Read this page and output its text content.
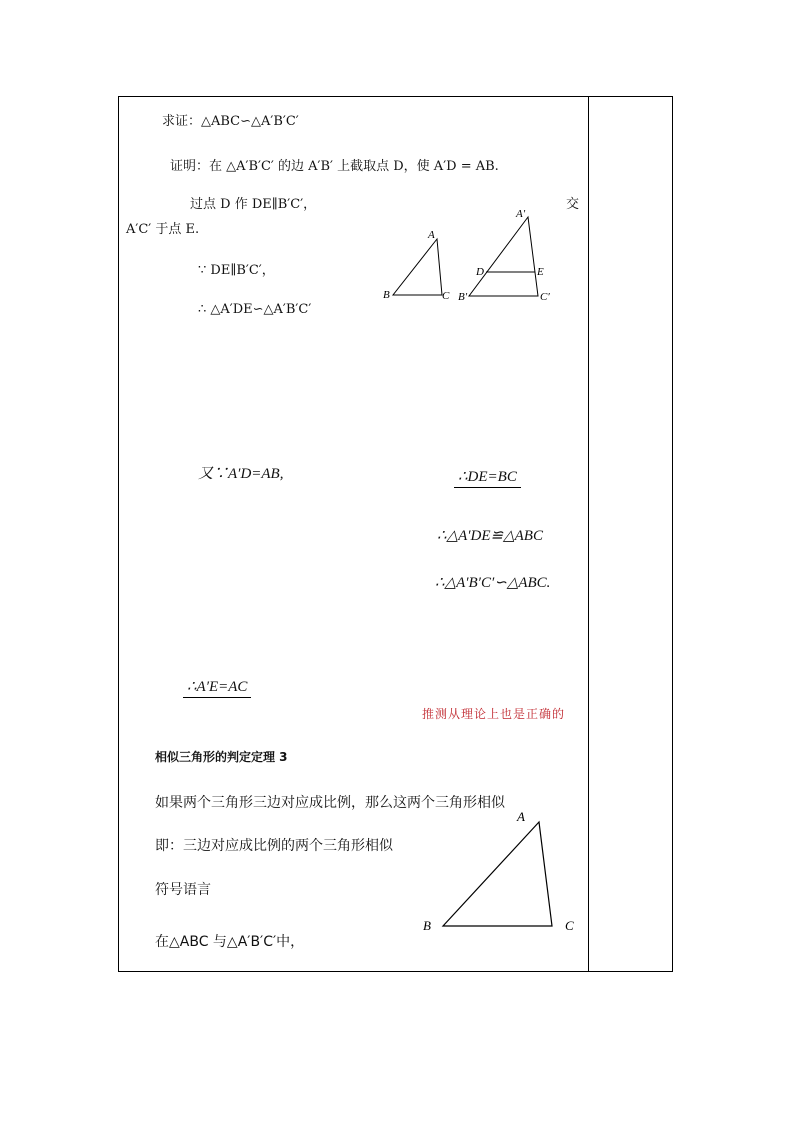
求证：△ABC∽△A′B′C′
证明：在 △A′B′C′ 的边 A′B′ 上截取点 D，使 A′D = AB.
过点 D 作 DE∥B′C′，	交
A′C′ 于点 E.
∵ DE∥B′C′，
∴ △A′DE∽△A′B′C′
A
B	C
A′
D	E
B′	C′
又∵A′D=AB,	∴DE=BC
∴△A′DE≌△ABC
∴△A′B′C′∽△ABC.
∴A′E=AC
推测从理论上也是正确的
相似三角形的判定定理 3
如果两个三角形三边对应成比例，那么这两个三角形相似
即：三边对应成比例的两个三角形相似
符号语言
在△ABC 与△A′B′C′中，
A
B	C
